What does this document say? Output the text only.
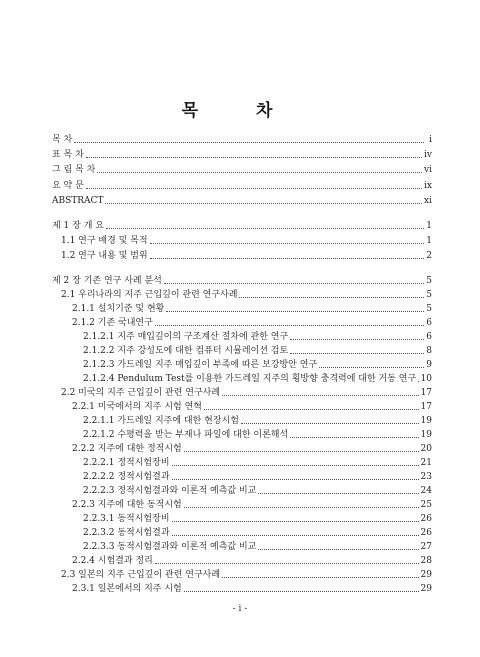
목 차
목 차	i
표 목 차	iv
그 림 목 차	vi
요 약 문	ix
ABSTRACT	xi
제 1 장 개 요	1
1.1 연구 배경 및 목적	1
1.2 연구 내용 및 범위	2
제 2 장 기존 연구 사례 분석	5
2.1 우리나라의 지주 근입깊이 관련 연구사례	5
2.1.1 설치기준 및 현황	5
2.1.2 기존 국내연구	6
2.1.2.1 지주 매입깊이의 구조계산 절차에 관한 연구	6
2.1.2.2 지주 강성도에 대한 컴퓨터 시뮬레이션 검토	8
2.1.2.3 가드레일 지주 매입깊이 부족에 따른 보강방안 연구	9
2.1.2.4 Pendulum Test를 이용한 가드레일 지주의 횡방향 충격력에 대한 거동 연구 10
2.2 미국의 지주 근입깊이 관련 연구사례	17
2.2.1 미국에서의 지주 시험 연혁	17
2.2.1.1 가드레일 지주에 대한 현장시험	19
2.2.1.2 수평력을 받는 부재나 파일에 대한 이론해석	19
2.2.2 지주에 대한 정적시험	20
2.2.2.1 정적시험장비	21
2.2.2.2 정적시험결과	23
2.2.2.3 정적시험결과와 이론적 예측값 비교	24
2.2.3 지주에 대한 동적시험	25
2.2.3.1 동적시험장비	26
2.2.3.2 동적시험결과	26
2.2.3.3 동적시험결과와 이론적 예측값 비교	27
2.2.4 시험결과 정리	28
2.3 일본의 지주 근입깊이 관련 연구사례	29
2.3.1 일본에서의 지주 시험	29
- i -
